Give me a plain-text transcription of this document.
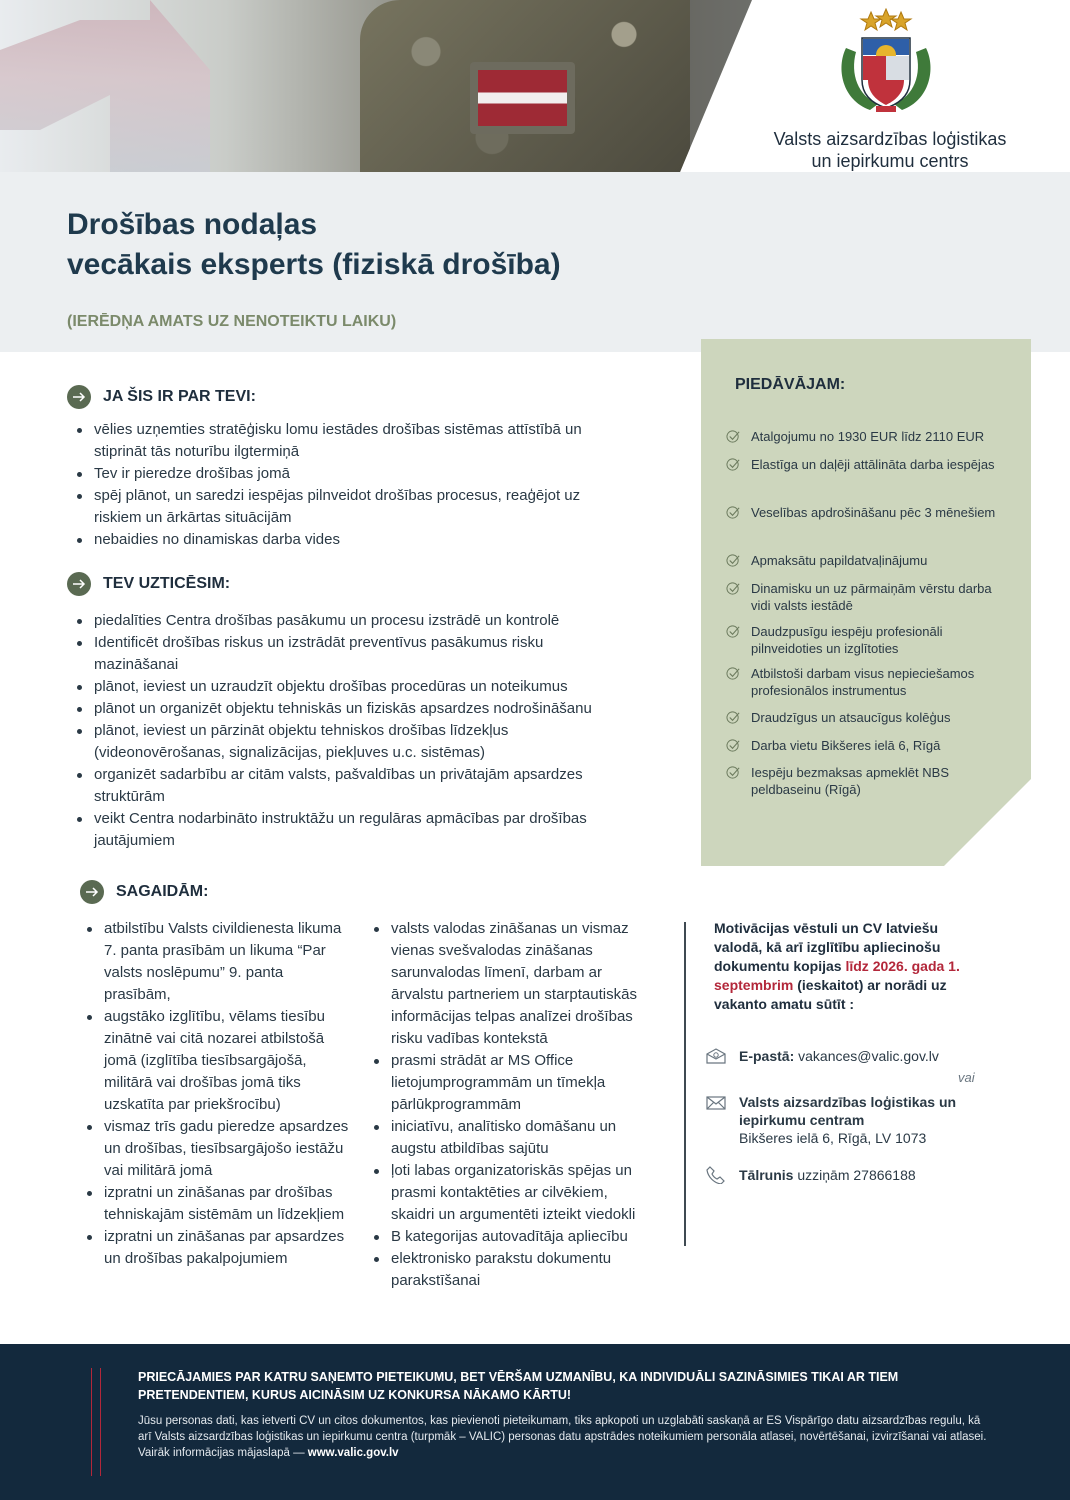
Valsts aizsardzības loģistikas
un iepirkumu centrs
Drošības nodaļas
vecākais eksperts (fiziskā drošība)
(IERĒDŅA AMATS UZ NENOTEIKTU LAIKU)
PIEDĀVĀJAM:
Atalgojumu no 1930 EUR līdz 2110 EUR
Elastīga un daļēji attālināta darba iespējas
Veselības apdrošināšanu pēc 3 mēnešiem
Apmaksātu papildatvaļinājumu
Dinamisku un uz pārmaiņām vērstu darba vidi valsts iestādē
Daudzpusīgu iespēju profesionāli pilnveidoties un izglītoties
Atbilstoši darbam visus nepieciešamos profesionālos instrumentus
Draudzīgus un atsaucīgus kolēģus
Darba vietu Bikšeres ielā 6, Rīgā
Iespēju bezmaksas apmeklēt NBS peldbaseinu (Rīgā)
JA ŠIS IR PAR TEVI:
vēlies uzņemties stratēģisku lomu iestādes drošības sistēmas attīstībā un stiprināt tās noturību ilgtermiņā
Tev ir pieredze drošības jomā
spēj plānot, un saredzi iespējas pilnveidot drošības procesus, reaģējot uz riskiem un ārkārtas situācijām
nebaidies no dinamiskas darba vides
TEV UZTICĒSIM:
piedalīties Centra drošības pasākumu un procesu izstrādē un kontrolē
Identificēt drošības riskus un izstrādāt preventīvus pasākumus risku mazināšanai
plānot, ieviest un uzraudzīt objektu drošības procedūras un noteikumus
plānot un organizēt objektu tehniskās un fiziskās apsardzes nodrošināšanu
plānot, ieviest un pārzināt objektu tehniskos drošības līdzekļus (videonovērošanas, signalizācijas, piekļuves u.c. sistēmas)
organizēt sadarbību ar citām valsts, pašvaldības un privātajām apsardzes struktūrām
veikt Centra nodarbināto instruktāžu un regulāras apmācības par drošības jautājumiem
SAGAIDĀM:
atbilstību Valsts civildienesta likuma 7. panta prasībām un likuma “Par valsts noslēpumu” 9. panta prasībām,
augstāko izglītību, vēlams tiesību zinātnē vai citā nozarei atbilstošā jomā (izglītība tiesībsargājošā, militārā vai drošības jomā tiks uzskatīta par priekšrocību)
vismaz trīs gadu pieredze apsardzes un drošības, tiesībsargājošo iestāžu vai militārā jomā
izpratni un zināšanas par drošības tehniskajām sistēmām un līdzekļiem
izpratni un zināšanas par apsardzes un drošības pakalpojumiem
valsts valodas zināšanas un vismaz vienas svešvalodas zināšanas sarunvalodas līmenī, darbam ar ārvalstu partneriem un starptautiskās informācijas telpas analīzei drošības risku vadības kontekstā
prasmi strādāt ar MS Office lietojumprogrammām un tīmekļa pārlūkprogrammām
iniciatīvu, analītisko domāšanu un augstu atbildības sajūtu
ļoti labas organizatoriskās spējas un prasmi kontaktēties ar cilvēkiem, skaidri un argumentēti izteikt viedokli
B kategorijas autovadītāja apliecību
elektronisko parakstu dokumentu parakstīšanai
Motivācijas vēstuli un CV latviešu valodā, kā arī izglītību apliecinošu dokumentu kopijas līdz 2026. gada 1. septembrim (ieskaitot) ar norādi uz vakanto amatu sūtīt :
E-pastā: vakances@valic.gov.lv
vai
Valsts aizsardzības loģistikas un iepirkumu centram
Bikšeres ielā 6, Rīgā, LV 1073
Tālrunis uzziņām 27866188
PRIECĀJAMIES PAR KATRU SAŅEMTO PIETEIKUMU, BET VĒRŠAM UZMANĪBU, KA INDIVIDUĀLI SAZINĀSIMIES TIKAI AR TIEM PRETENDENTIEM, KURUS AICINĀSIM UZ KONKURSA NĀKAMO KĀRTU!
Jūsu personas dati, kas ietverti CV un citos dokumentos, kas pievienoti pieteikumam, tiks apkopoti un uzglabāti saskaņā ar ES Vispārīgo datu aizsardzības regulu, kā arī Valsts aizsardzības loģistikas un iepirkumu centra (turpmāk – VALIC) personas datu apstrādes noteikumiem personāla atlasei, novērtēšanai, izvirzīšanai vai atlasei. Vairāk informācijas mājaslapā — www.valic.gov.lv
